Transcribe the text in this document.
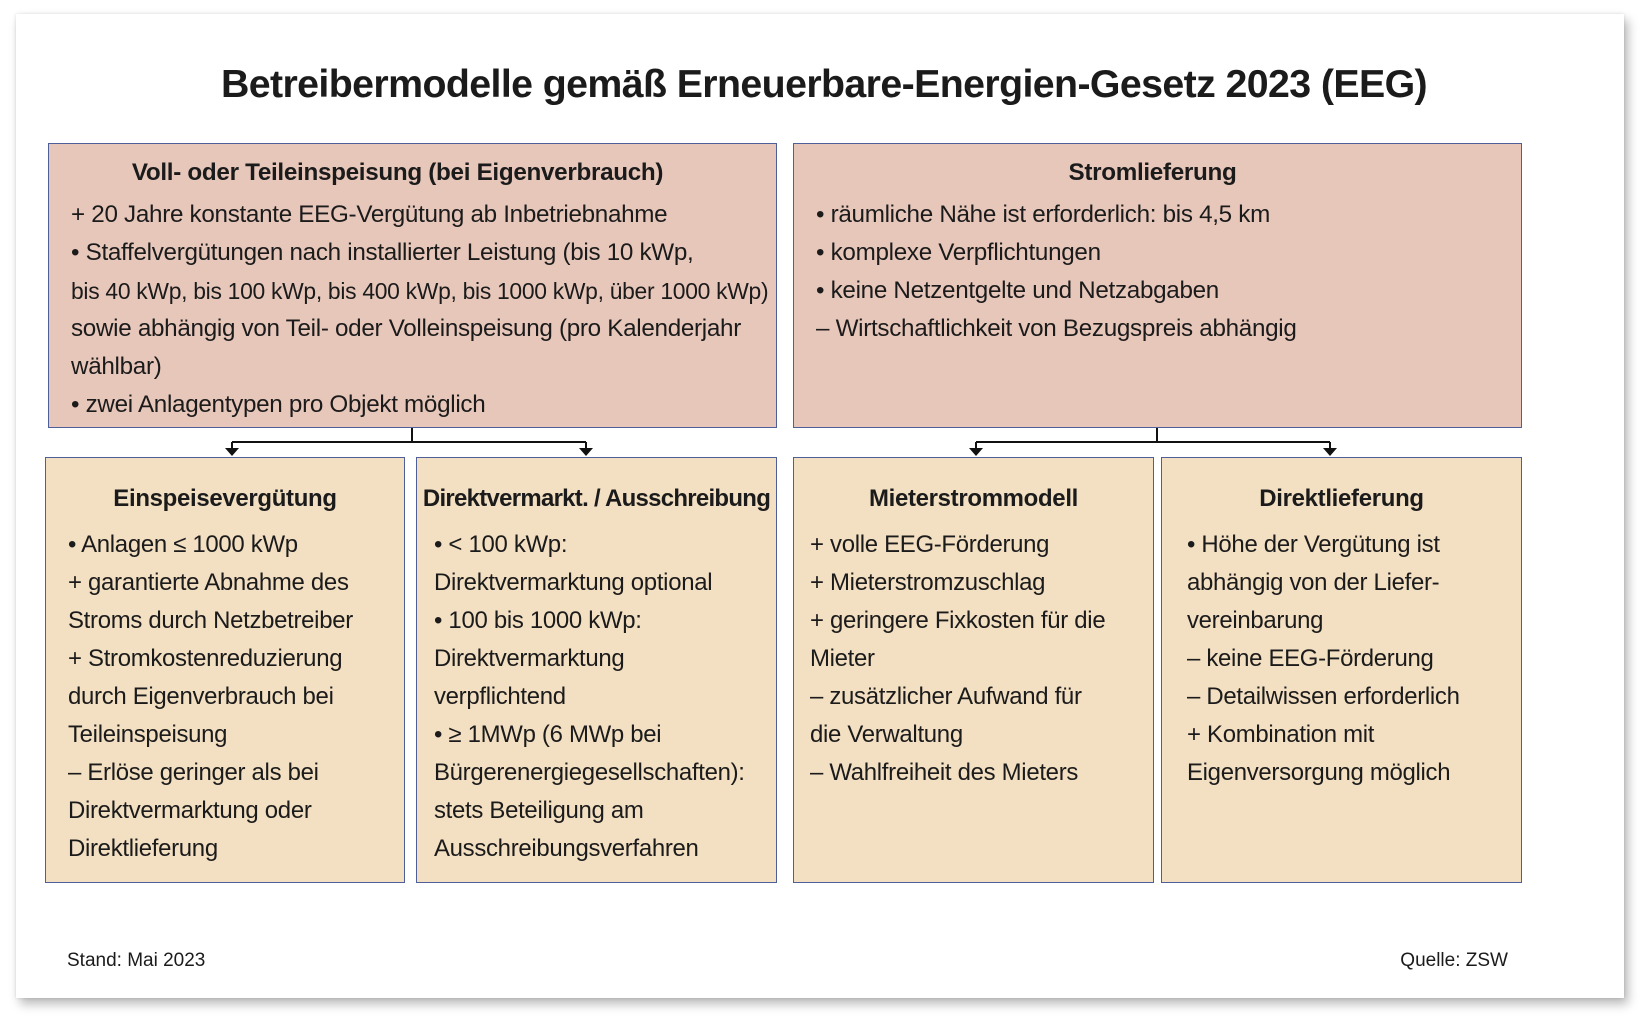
Betreibermodelle gemäß Erneuerbare-Energien-Gesetz 2023 (EEG)
Voll- oder Teileinspeisung (bei Eigenverbrauch)
+ 20 Jahre konstante EEG-Vergütung ab Inbetriebnahme
• Staffelvergütungen nach installierter Leistung (bis 10 kWp,
bis 40 kWp, bis 100 kWp, bis 400 kWp, bis 1000 kWp, über 1000 kWp)
sowie abhängig von Teil- oder Volleinspeisung (pro Kalenderjahr
wählbar)
• zwei Anlagentypen pro Objekt möglich
Stromlieferung
• räumliche Nähe ist erforderlich: bis 4,5 km
• komplexe Verpflichtungen
• keine Netzentgelte und Netzabgaben
– Wirtschaftlichkeit von Bezugspreis abhängig
Einspeisevergütung
• Anlagen ≤ 1000 kWp
+ garantierte Abnahme des
Stroms durch Netzbetreiber
+ Stromkostenreduzierung
durch Eigenverbrauch bei
Teileinspeisung
– Erlöse geringer als bei
Direktvermarktung oder
Direktlieferung
Direktvermarkt. / Ausschreibung
• < 100 kWp:
Direktvermarktung optional
• 100 bis 1000 kWp:
Direktvermarktung
verpflichtend
• ≥ 1MWp (6 MWp bei
Bürgerenergiegesellschaften):
stets Beteiligung am
Ausschreibungsverfahren
Mieterstrommodell
+ volle EEG-Förderung
+ Mieterstromzuschlag
+ geringere Fixkosten für die
Mieter
– zusätzlicher Aufwand für
die Verwaltung
– Wahlfreiheit des Mieters
Direktlieferung
• Höhe der Vergütung ist
abhängig von der Liefer-
vereinbarung
– keine EEG-Förderung
– Detailwissen erforderlich
+ Kombination mit
Eigenversorgung möglich
Stand: Mai 2023	Quelle: ZSW
